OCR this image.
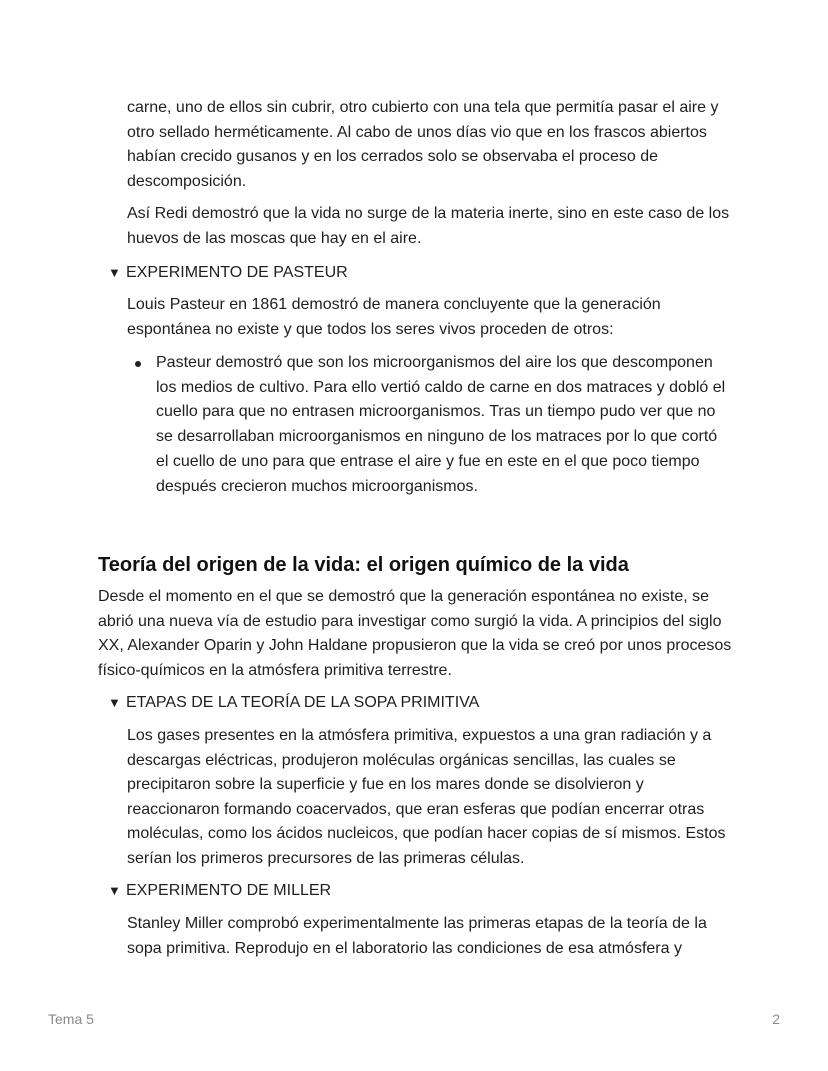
carne, uno de ellos sin cubrir, otro cubierto con una tela que permitía pasar el aire y otro sellado herméticamente. Al cabo de unos días vio que en los frascos abiertos habían crecido gusanos y en los cerrados solo se observaba el proceso de descomposición.

Así Redi demostró que la vida no surge de la materia inerte, sino en este caso de los huevos de las moscas que hay en el aire.

▼ EXPERIMENTO DE PASTEUR

Louis Pasteur en 1861 demostró de manera concluyente que la generación espontánea no existe y que todos los seres vivos proceden de otros:

Pasteur demostró que son los microorganismos del aire los que descomponen los medios de cultivo. Para ello vertió caldo de carne en dos matraces y dobló el cuello para que no entrasen microorganismos. Tras un tiempo pudo ver que no se desarrollaban microorganismos en ninguno de los matraces por lo que cortó el cuello de uno para que entrase el aire y fue en este en el que poco tiempo después crecieron muchos microorganismos.

Teoría del origen de la vida: el origen químico de la vida

Desde el momento en el que se demostró que la generación espontánea no existe, se abrió una nueva vía de estudio para investigar como surgió la vida. A principios del siglo XX, Alexander Oparin y John Haldane propusieron que la vida se creó por unos procesos físico-químicos en la atmósfera primitiva terrestre.

▼ ETAPAS DE LA TEORÍA DE LA SOPA PRIMITIVA

Los gases presentes en la atmósfera primitiva, expuestos a una gran radiación y a descargas eléctricas, produjeron moléculas orgánicas sencillas, las cuales se precipitaron sobre la superficie y fue en los mares donde se disolvieron y reaccionaron formando coacervados, que eran esferas que podían encerrar otras moléculas, como los ácidos nucleicos, que podían hacer copias de sí mismos. Estos serían los primeros precursores de las primeras células.

▼ EXPERIMENTO DE MILLER

Stanley Miller comprobó experimentalmente las primeras etapas de la teoría de la sopa primitiva. Reprodujo en el laboratorio las condiciones de esa atmósfera y

Tema 5	2
